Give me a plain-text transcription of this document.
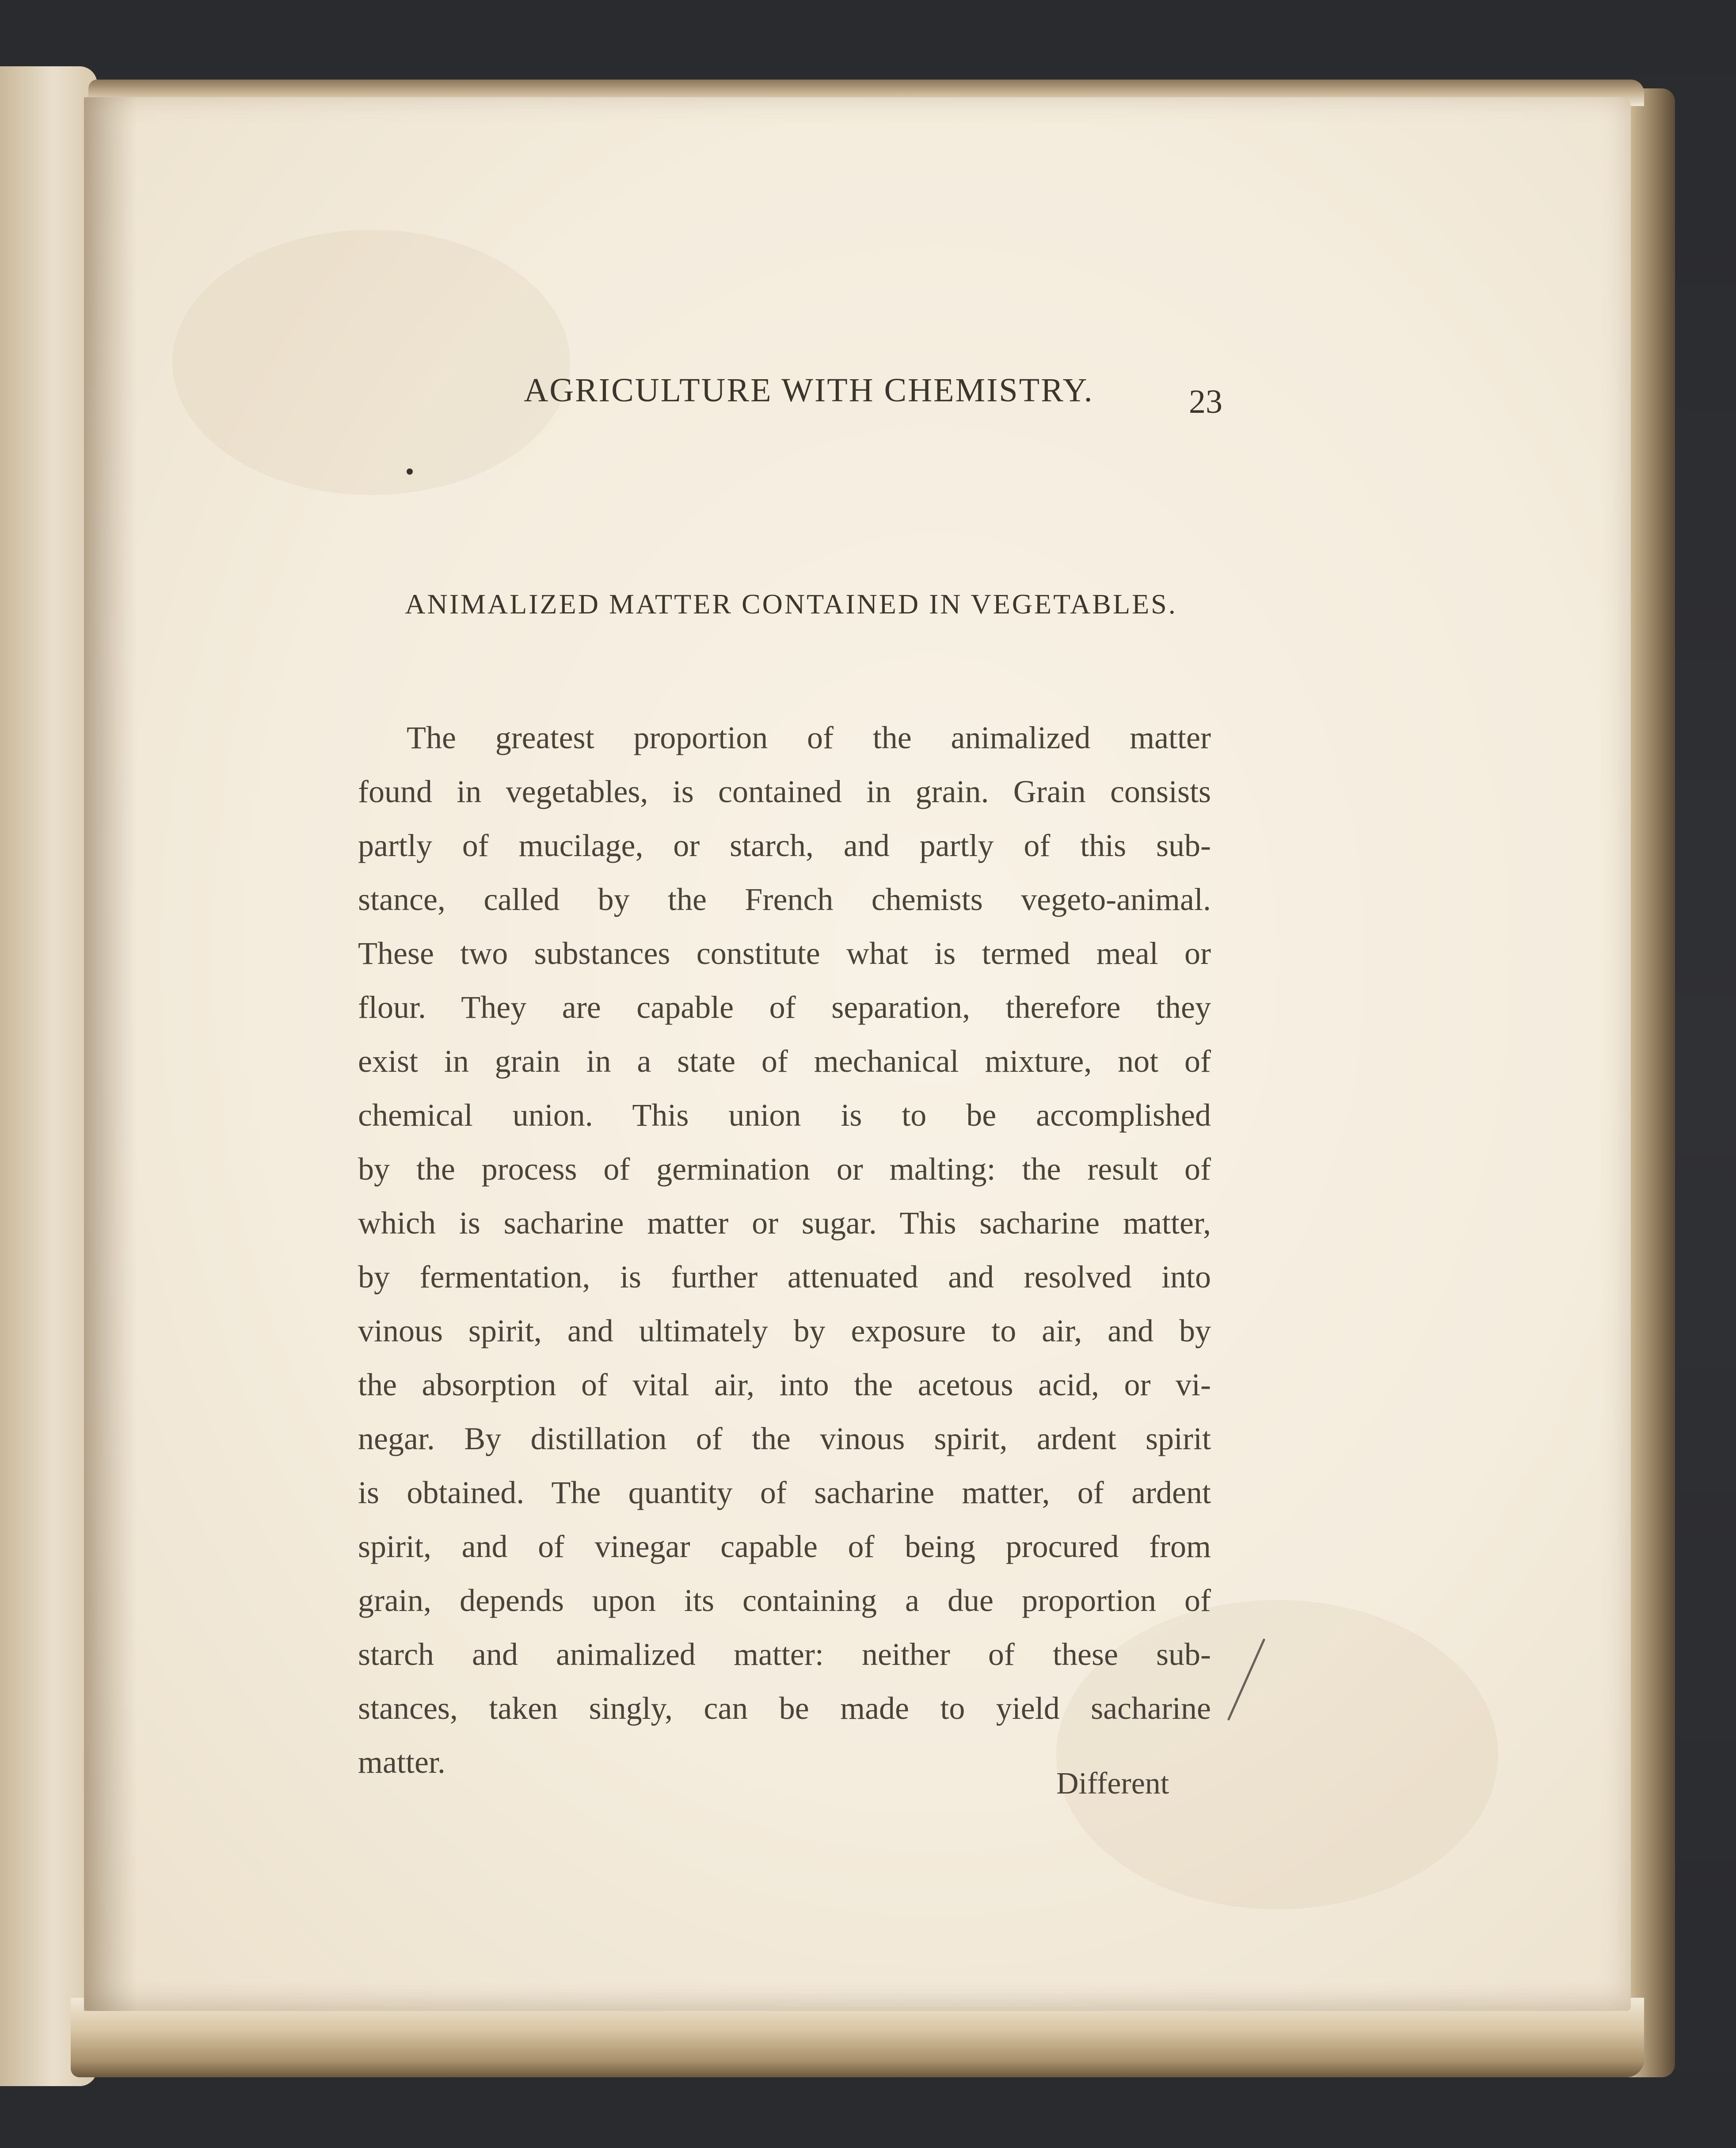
AGRICULTURE WITH CHEMISTRY.	23
ANIMALIZED MATTER CONTAINED IN VEGETABLES.
The greatest proportion of the animalized matter
found in vegetables, is contained in grain. Grain consists
partly of mucilage, or starch, and partly of this sub-
stance, called by the French chemists vegeto-animal.
These two substances constitute what is termed meal or
flour. They are capable of separation, therefore they
exist in grain in a state of mechanical mixture, not of
chemical union. This union is to be accomplished
by the process of germination or malting: the result of
which is sacharine matter or sugar. This sacharine matter,
by fermentation, is further attenuated and resolved into
vinous spirit, and ultimately by exposure to air, and by
the absorption of vital air, into the acetous acid, or vi-
negar. By distillation of the vinous spirit, ardent spirit
is obtained. The quantity of sacharine matter, of ardent
spirit, and of vinegar capable of being procured from
grain, depends upon its containing a due proportion of
starch and animalized matter: neither of these sub-
stances, taken singly, can be made to yield sacharine
matter.
Different
